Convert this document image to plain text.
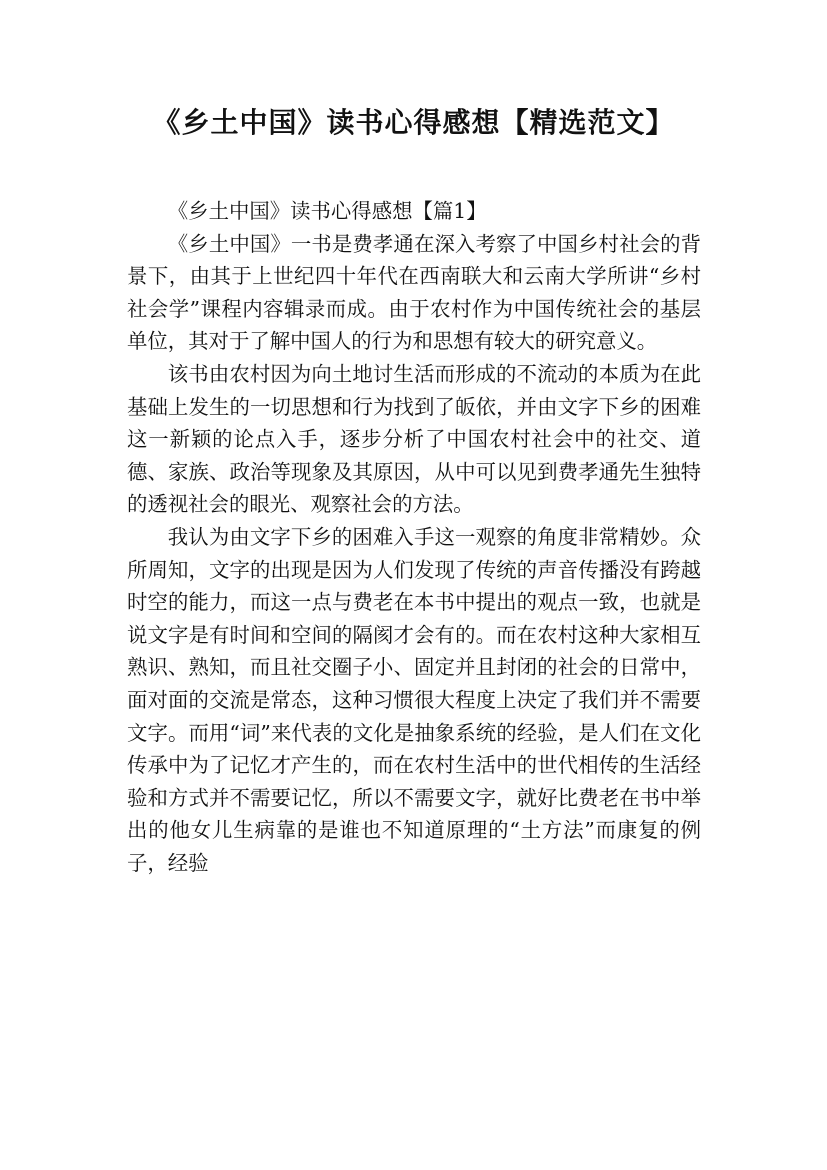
《乡土中国》读书心得感想【精选范文】

《乡土中国》读书心得感想【篇1】

《乡土中国》一书是费孝通在深入考察了中国乡村社会的背景下，由其于上世纪四十年代在西南联大和云南大学所讲“乡村社会学”课程内容辑录而成。由于农村作为中国传统社会的基层单位，其对于了解中国人的行为和思想有较大的研究意义。

该书由农村因为向土地讨生活而形成的不流动的本质为在此基础上发生的一切思想和行为找到了皈依，并由文字下乡的困难这一新颖的论点入手，逐步分析了中国农村社会中的社交、道德、家族、政治等现象及其原因，从中可以见到费孝通先生独特的透视社会的眼光、观察社会的方法。

我认为由文字下乡的困难入手这一观察的角度非常精妙。众所周知，文字的出现是因为人们发现了传统的声音传播没有跨越时空的能力，而这一点与费老在本书中提出的观点一致，也就是说文字是有时间和空间的隔阂才会有的。而在农村这种大家相互熟识、熟知，而且社交圈子小、固定并且封闭的社会的日常中，面对面的交流是常态，这种习惯很大程度上决定了我们并不需要文字。而用“词”来代表的文化是抽象系统的经验，是人们在文化传承中为了记忆才产生的，而在农村生活中的世代相传的生活经验和方式并不需要记忆，所以不需要文字，就好比费老在书中举出的他女儿生病靠的是谁也不知道原理的“土方法”而康复的例子，经验
